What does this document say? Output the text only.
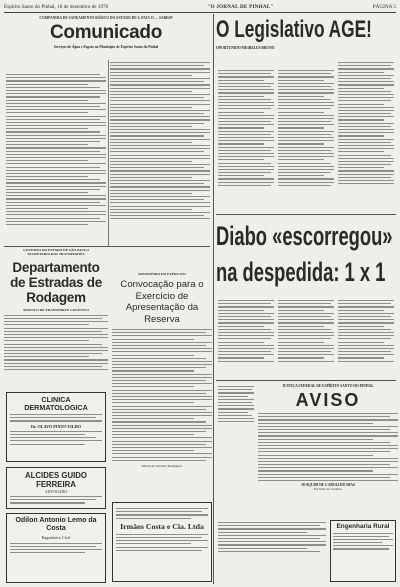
Espírito Santo do Pinhal, 18 de dezembro de 1976	"O JORNAL DE PINHAL"	PÁGINA 5
COMPANHIA DE SANEAMENTO BÁSICO DO ESTADO DE S. PAULO — SABESP
Comunicado
Serviços de Água e Esgoto no Município de Espírito Santo do Pinhal
GOVERNO DO ESTADO DE SÃO PAULO
SECRETARIA DOS TRANSPORTES
Departamento de Estradas de Rodagem
SERVIÇO DE TRANSPORTE COLETIVO
MINISTÉRIO DO EXÉRCITO
Convocação para o Exercício de Apresentação da Reserva
Mario de Lourdes Rodrigues
CLINICA DERMATOLOGICA
Dr. OLAVO PINTO FILHO
ALCIDES GUIDO FERREIRA
ADVOGADO
Odilon Antonio Lemo da Costa
Engenheiro Civil
Irmãos Costa e Cia. Ltda
O Legislativo AGE!
OPORTUNIDO MEIRELES BRUNO
Diabo «escorregou» na despedida: 1 x 1
JUSTIÇA FEDERAL DE ESPÍRITO SANTO DO PINHAL
AVISO
JOAQUIM DE CARVALHO DIAS
Escrivão do Cartório
Engenharia Rural
